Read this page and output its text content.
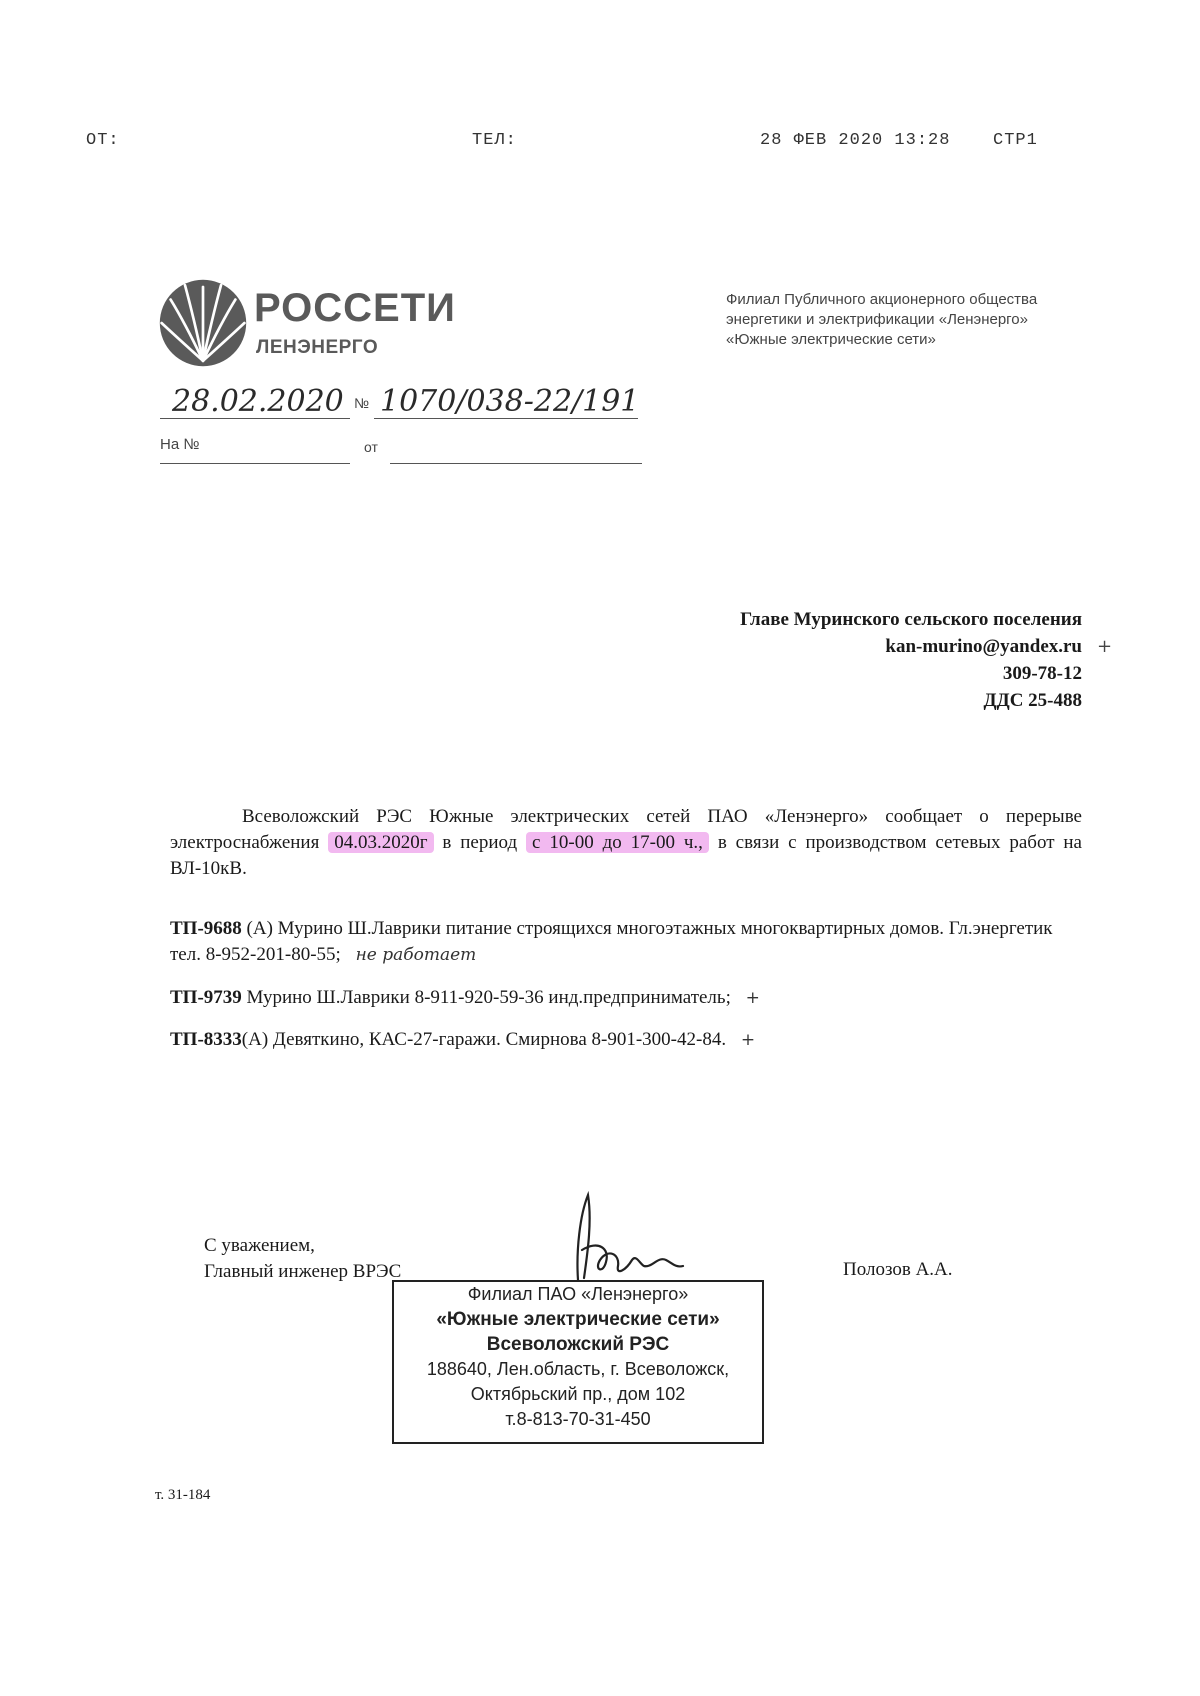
ОТ:	ТЕЛ:	28 ФЕВ 2020 13:28	СТР1
РОССЕТИ
ЛЕНЭНЕРГО
Филиал Публичного акционерного общества
энергетики и электрификации «Ленэнерго»
«Южные электрические сети»
28.02.2020 № 1070/038-22/191
На №	от
Главе Муринского сельского поселения
kan-murino@yandex.ru
309-78-12
ДДС 25-488
+
Всеволожский РЭС Южные электрических сетей ПАО «Ленэнерго» сообщает о перерыве электроснабжения 04.03.2020г в период с 10-00 до 17-00 ч., в связи с производством сетевых работ на ВЛ-10кВ.
ТП-9688 (А) Мурино Ш.Лаврики питание строящихся многоэтажных многоквартирных домов. Гл.энергетик тел. 8-952-201-80-55; не работает
ТП-9739 Мурино Ш.Лаврики 8-911-920-59-36 инд.предприниматель; +
ТП-8333(А) Девяткино, КАС-27-гаражи. Смирнова 8-901-300-42-84. +
С уважением,
Главный инженер ВРЭС	Полозов А.А.
Филиал ПАО «Ленэнерго»
«Южные электрические сети»
Всеволожский РЭС
188640, Лен.область, г. Всеволожск,
Октябрьский пр., дом 102
т.8-813-70-31-450
т. 31-184
